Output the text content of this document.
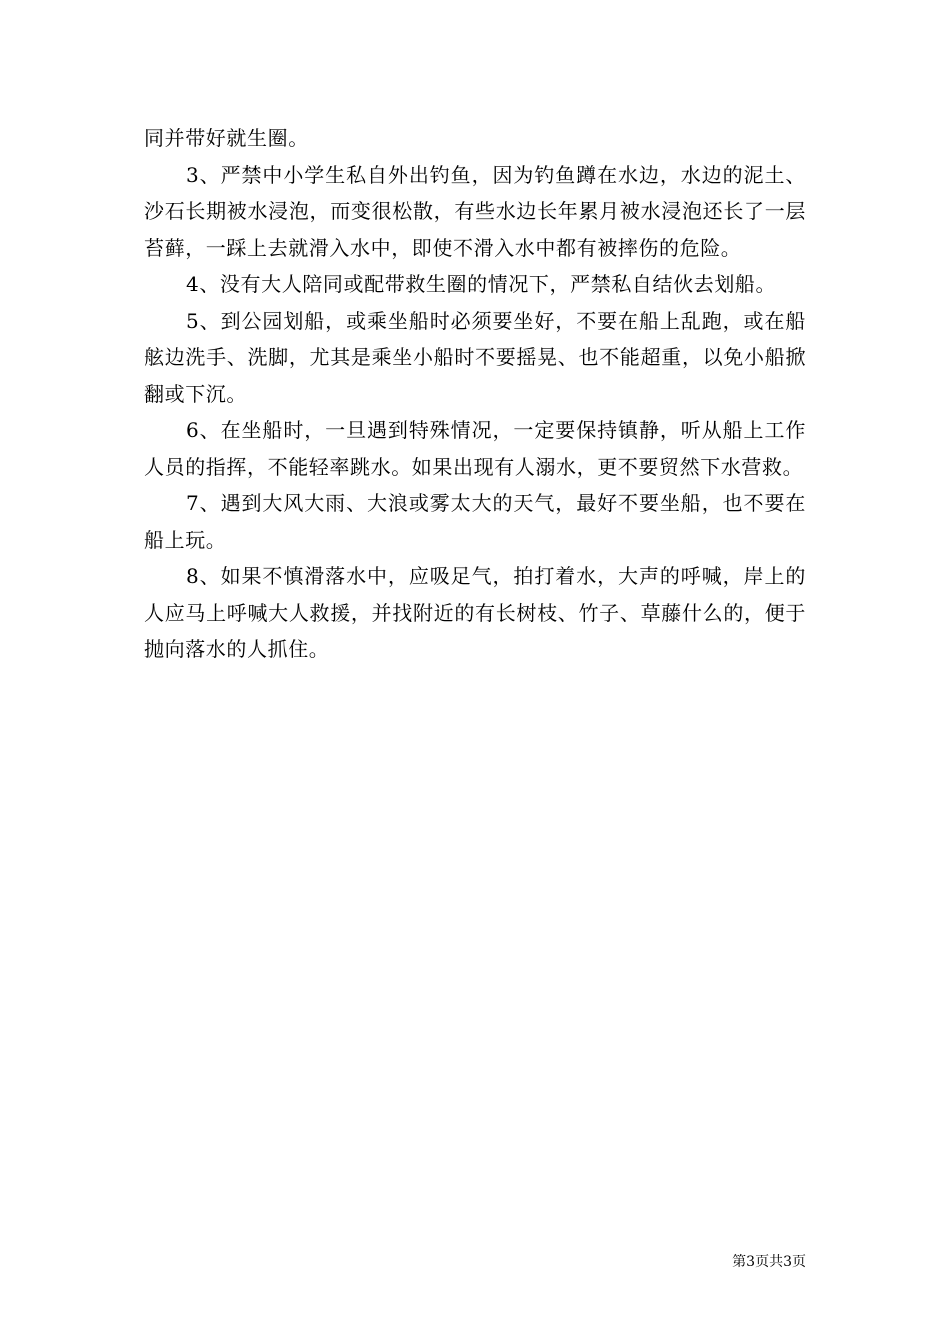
同并带好就生圈。

3、严禁中小学生私自外出钓鱼，因为钓鱼蹲在水边，水边的泥土、沙石长期被水浸泡，而变很松散，有些水边长年累月被水浸泡还长了一层苔藓，一踩上去就滑入水中，即使不滑入水中都有被摔伤的危险。

4、没有大人陪同或配带救生圈的情况下，严禁私自结伙去划船。

5、到公园划船，或乘坐船时必须要坐好，不要在船上乱跑，或在船舷边洗手、洗脚，尤其是乘坐小船时不要摇晃、也不能超重，以免小船掀翻或下沉。

6、在坐船时，一旦遇到特殊情况，一定要保持镇静，听从船上工作人员的指挥，不能轻率跳水。如果出现有人溺水，更不要贸然下水营救。

7、遇到大风大雨、大浪或雾太大的天气，最好不要坐船，也不要在船上玩。

8、如果不慎滑落水中，应吸足气，拍打着水，大声的呼喊，岸上的人应马上呼喊大人救援，并找附近的有长树枝、竹子、草藤什么的，便于抛向落水的人抓住。

第3页共3页
